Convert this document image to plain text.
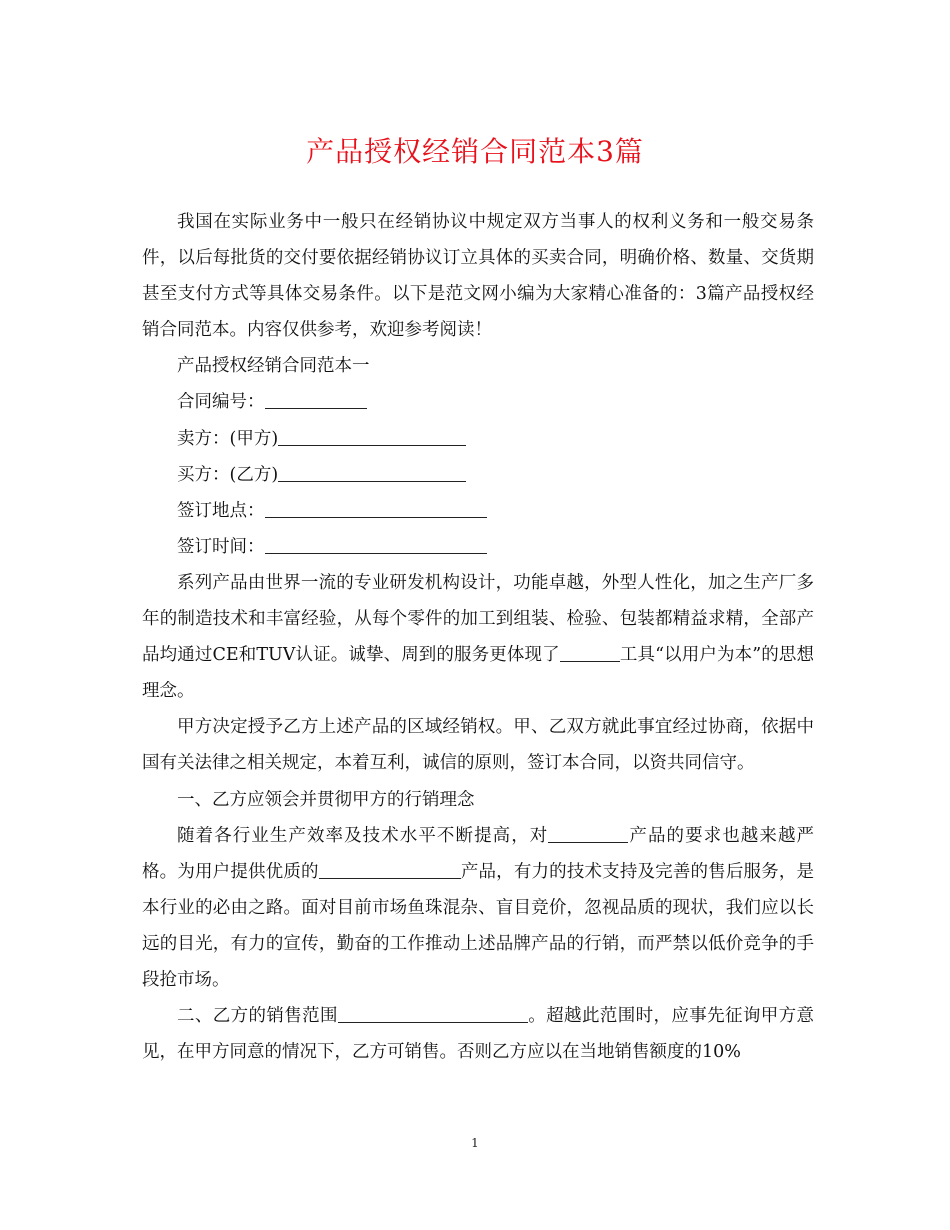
产品授权经销合同范本3篇

我国在实际业务中一般只在经销协议中规定双方当事人的权利义务和一般交易条件，以后每批货的交付要依据经销协议订立具体的买卖合同，明确价格、数量、交货期甚至支付方式等具体交易条件。以下是范文网小编为大家精心准备的：3篇产品授权经销合同范本。内容仅供参考，欢迎参考阅读！

产品授权经销合同范本一

合同编号：

卖方：(甲方)

买方：(乙方)

签订地点：

签订时间：

系列产品由世界一流的专业研发机构设计，功能卓越，外型人性化，加之生产厂多年的制造技术和丰富经验，从每个零件的加工到组装、检验、包装都精益求精，全部产品均通过CE和TUV认证。诚挚、周到的服务更体现了	工具“以用户为本”的思想理念。

甲方决定授予乙方上述产品的区域经销权。甲、乙双方就此事宜经过协商，依据中国有关法律之相关规定，本着互利，诚信的原则，签订本合同，以资共同信守。

一、乙方应领会并贯彻甲方的行销理念

随着各行业生产效率及技术水平不断提高，对	产品的要求也越来越严格。为用户提供优质的	产品，有力的技术支持及完善的售后服务，是本行业的必由之路。面对目前市场鱼珠混杂、盲目竞价，忽视品质的现状，我们应以长远的目光，有力的宣传，勤奋的工作推动上述品牌产品的行销，而严禁以低价竞争的手段抢市场。

二、乙方的销售范围	。超越此范围时，应事先征询甲方意见，在甲方同意的情况下，乙方可销售。否则乙方应以在当地销售额度的10%

1
